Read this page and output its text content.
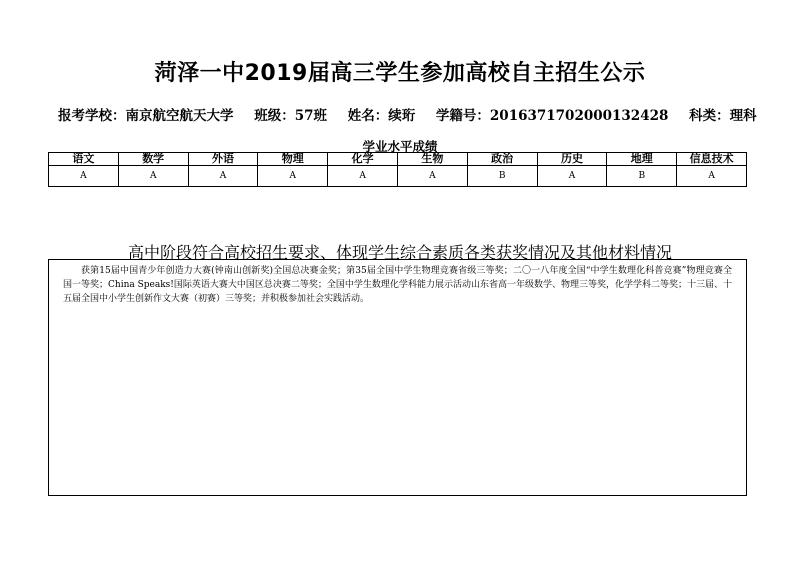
菏泽一中2019届高三学生参加高校自主招生公示
报考学校：南京航空航天大学 班级：57班 姓名：续珩 学籍号：2016371702000132428 科类：理科
学业水平成绩
语文	数学	外语	物理	化学	生物	政治	历史	地理	信息技术
A	A	A	A	A	A	B	A	B	A
高中阶段符合高校招生要求、体现学生综合素质各类获奖情况及其他材料情况
获第15届中国青少年创造力大赛(钟南山创新奖)全国总决赛金奖；第35届全国中学生物理竞赛省级三等奖；二〇一八年度全国“中学生数理化科普竞赛”物理竞赛全国一等奖；China Speaks!国际英语大赛大中国区总决赛二等奖；全国中学生数理化学科能力展示活动山东省高一年级数学、物理三等奖，化学学科二等奖；十三届、十五届全国中小学生创新作文大赛（初赛）三等奖；并积极参加社会实践活动。
